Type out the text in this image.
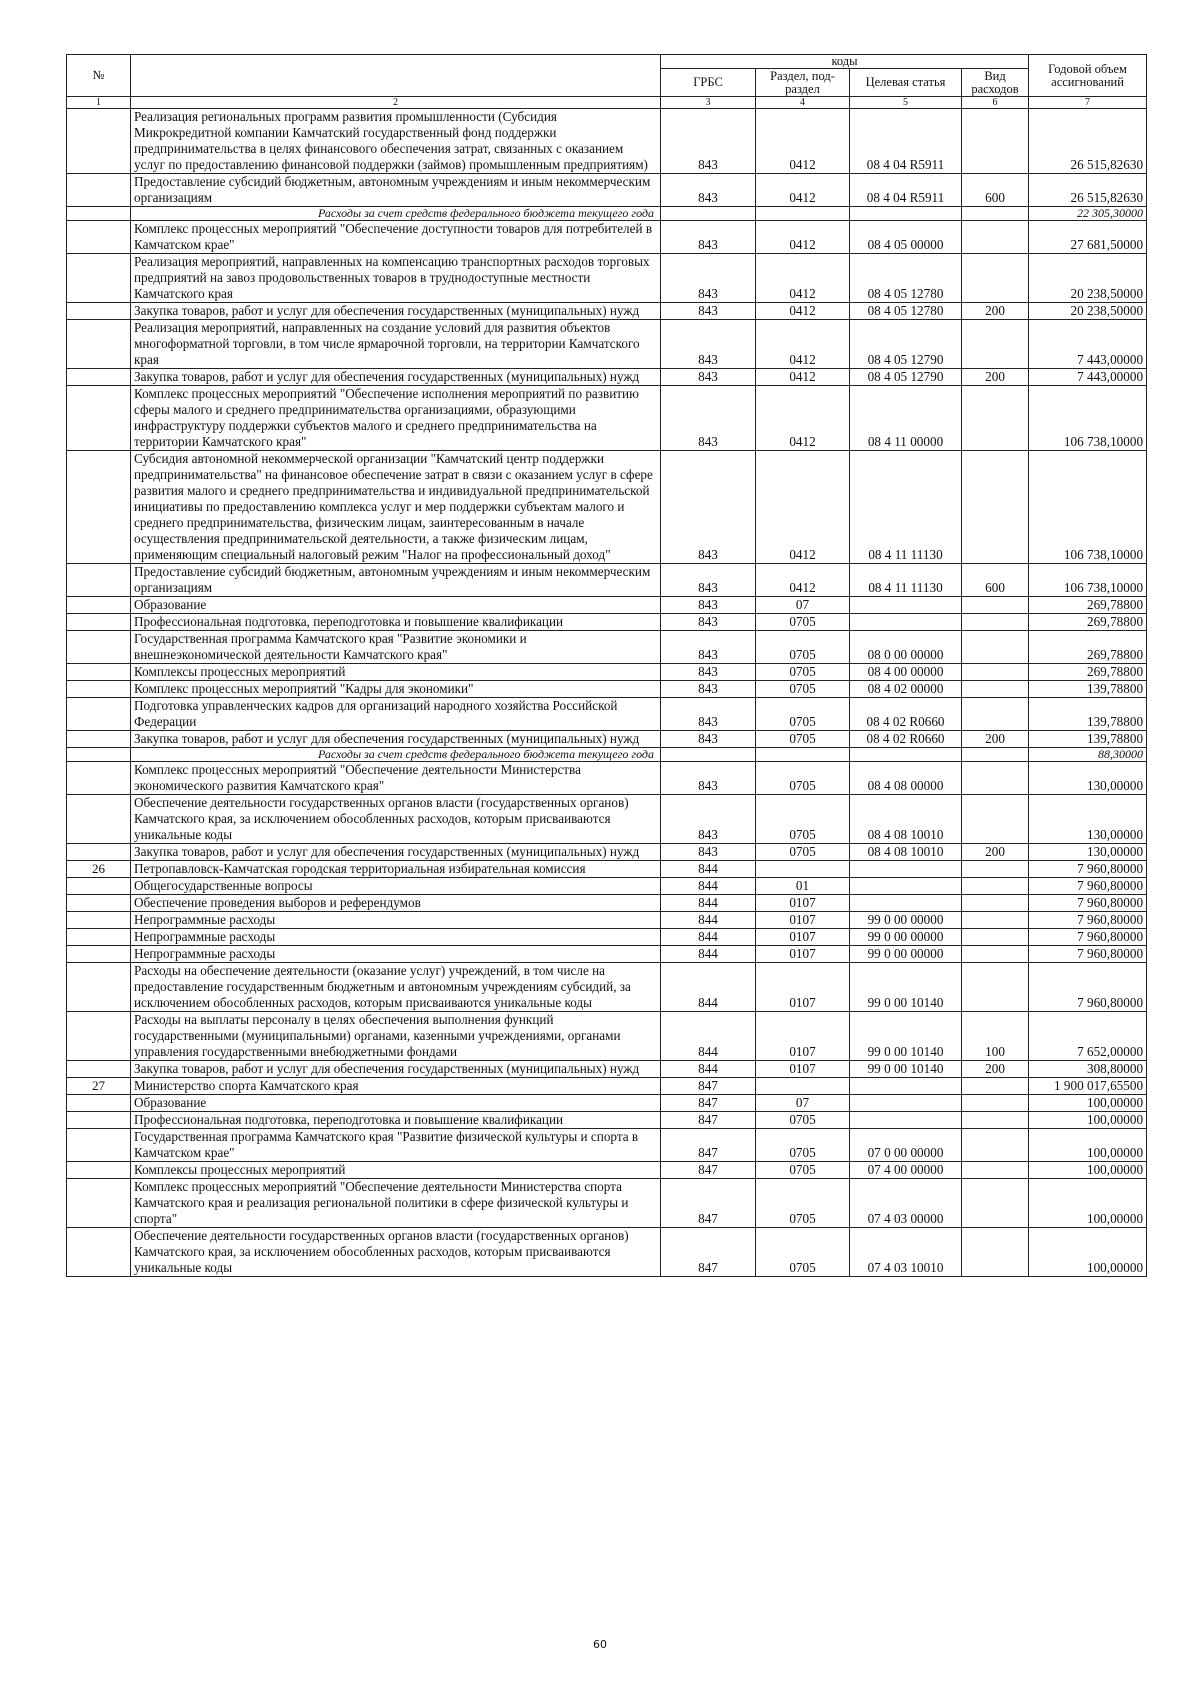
№		коды				Годовой объем ассигнований
		ГРБС	Раздел, под-раздел	Целевая статья	Вид расходов	
1	2	3	4	5	6	7
	Реализация региональных программ развития промышленности (Субсидия Микрокредитной компании Камчатский государственный фонд поддержки предпринимательства в целях финансового обеспечения затрат, связанных с оказанием услуг по предоставлению финансовой поддержки (займов) промышленным предприятиям)	843	0412	08 4 04 R5911		26 515,82630
	Предоставление субсидий бюджетным, автономным учреждениям и иным некоммерческим организациям	843	0412	08 4 04 R5911	600	26 515,82630
	Расходы за счет средств федерального бюджета текущего года					22 305,30000
	Комплекс процессных мероприятий "Обеспечение доступности товаров для потребителей в Камчатском крае"	843	0412	08 4 05 00000		27 681,50000
	Реализация мероприятий, направленных на компенсацию транспортных расходов торговых предприятий на завоз продовольственных товаров в труднодоступные местности Камчатского края	843	0412	08 4 05 12780		20 238,50000
	Закупка товаров, работ и услуг для обеспечения государственных (муниципальных) нужд	843	0412	08 4 05 12780	200	20 238,50000
	Реализация мероприятий, направленных на создание условий для развития объектов многоформатной торговли, в том числе ярмарочной торговли, на территории Камчатского края	843	0412	08 4 05 12790		7 443,00000
	Закупка товаров, работ и услуг для обеспечения государственных (муниципальных) нужд	843	0412	08 4 05 12790	200	7 443,00000
	Комплекс процессных мероприятий "Обеспечение исполнения мероприятий по развитию сферы малого и среднего предпринимательства организациями, образующими инфраструктуру поддержки субъектов малого и среднего предпринимательства на территории Камчатского края"	843	0412	08 4 11 00000		106 738,10000
	Субсидия автономной некоммерческой организации "Камчатский центр поддержки предпринимательства" на финансовое обеспечение затрат в связи с оказанием услуг в сфере развития малого и среднего предпринимательства и индивидуальной предпринимательской инициативы по предоставлению комплекса услуг и мер поддержки субъектам малого и среднего предпринимательства, физическим лицам, заинтересованным в начале осуществления предпринимательской деятельности, а также физическим лицам, применяющим специальный налоговый режим "Налог на профессиональный доход"	843	0412	08 4 11 11130		106 738,10000
	Предоставление субсидий бюджетным, автономным учреждениям и иным некоммерческим организациям	843	0412	08 4 11 11130	600	106 738,10000
	Образование	843	07			269,78800
	Профессиональная подготовка, переподготовка и повышение квалификации	843	0705			269,78800
	Государственная программа Камчатского края "Развитие экономики и внешнеэкономической деятельности Камчатского края"	843	0705	08 0 00 00000		269,78800
	Комплексы процессных мероприятий	843	0705	08 4 00 00000		269,78800
	Комплекс процессных мероприятий "Кадры для экономики"	843	0705	08 4 02 00000		139,78800
	Подготовка управленческих кадров для организаций народного хозяйства Российской Федерации	843	0705	08 4 02 R0660		139,78800
	Закупка товаров, работ и услуг для обеспечения государственных (муниципальных) нужд	843	0705	08 4 02 R0660	200	139,78800
	Расходы за счет средств федерального бюджета текущего года					88,30000
	Комплекс процессных мероприятий "Обеспечение деятельности Министерства экономического развития Камчатского края"	843	0705	08 4 08 00000		130,00000
	Обеспечение деятельности государственных органов власти (государственных органов) Камчатского края, за исключением обособленных расходов, которым присваиваются уникальные коды	843	0705	08 4 08 10010		130,00000
	Закупка товаров, работ и услуг для обеспечения государственных (муниципальных) нужд	843	0705	08 4 08 10010	200	130,00000
26	Петропавловск-Камчатская городская территориальная избирательная комиссия	844				7 960,80000
	Общегосударственные вопросы	844	01			7 960,80000
	Обеспечение проведения выборов и референдумов	844	0107			7 960,80000
	Непрограммные расходы	844	0107	99 0 00 00000		7 960,80000
	Непрограммные расходы	844	0107	99 0 00 00000		7 960,80000
	Непрограммные расходы	844	0107	99 0 00 00000		7 960,80000
	Расходы на обеспечение деятельности (оказание услуг) учреждений, в том числе на предоставление государственным бюджетным и автономным учреждениям субсидий, за исключением обособленных расходов, которым присваиваются уникальные коды	844	0107	99 0 00 10140		7 960,80000
	Расходы на выплаты персоналу в целях обеспечения выполнения функций государственными (муниципальными) органами, казенными учреждениями, органами управления государственными внебюджетными фондами	844	0107	99 0 00 10140	100	7 652,00000
	Закупка товаров, работ и услуг для обеспечения государственных (муниципальных) нужд	844	0107	99 0 00 10140	200	308,80000
27	Министерство спорта Камчатского края	847				1 900 017,65500
	Образование	847	07			100,00000
	Профессиональная подготовка, переподготовка и повышение квалификации	847	0705			100,00000
	Государственная программа Камчатского края "Развитие физической культуры и спорта в Камчатском крае"	847	0705	07 0 00 00000		100,00000
	Комплексы процессных мероприятий	847	0705	07 4 00 00000		100,00000
	Комплекс процессных мероприятий "Обеспечение деятельности Министерства спорта Камчатского края и реализация региональной политики в сфере физической культуры и спорта"	847	0705	07 4 03 00000		100,00000
	Обеспечение деятельности государственных органов власти (государственных органов) Камчатского края, за исключением обособленных расходов, которым присваиваются уникальные коды	847	0705	07 4 03 10010		100,00000
60
